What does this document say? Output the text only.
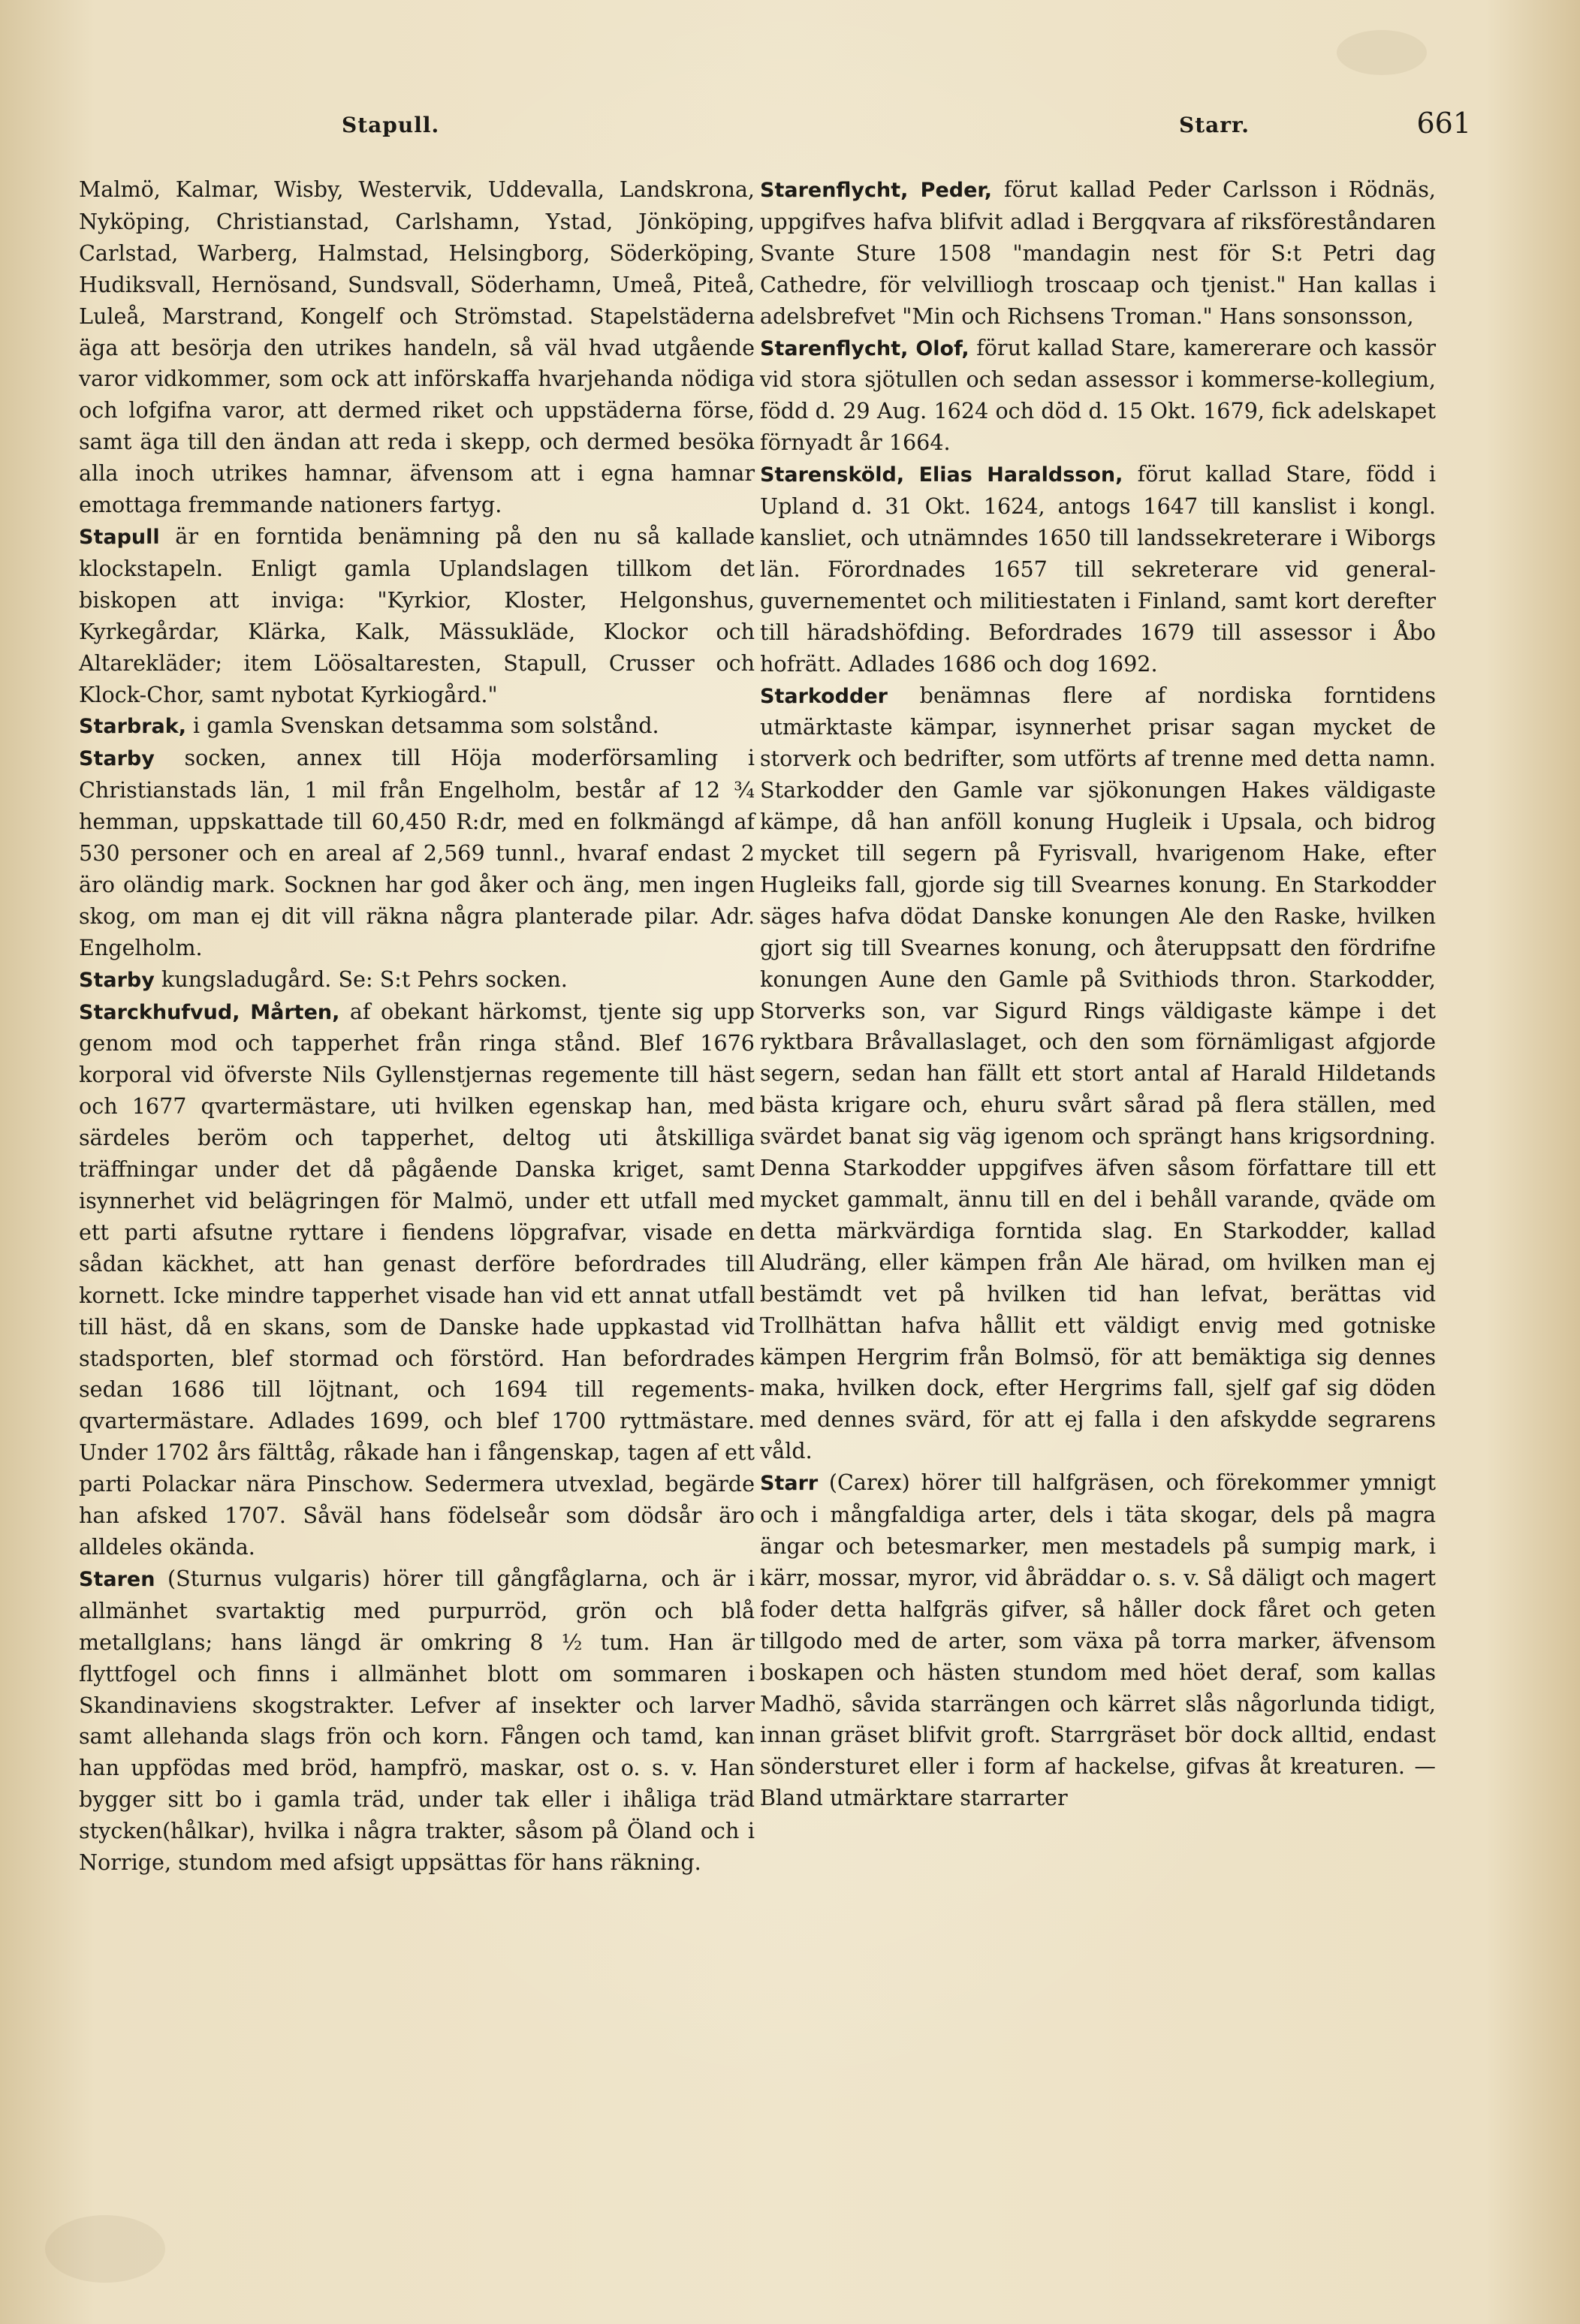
Stapull.	Starr.	661

Malmö, Kalmar, Wisby, Westervik, Uddevalla, Landskrona, Nyköping, Christianstad, Carlshamn, Ystad, Jönköping, Carlstad, Warberg, Halmstad, Helsingborg, Söderköping, Hudiksvall, Hernösand, Sundsvall, Söderhamn, Umeå, Piteå, Luleå, Marstrand, Kongelf och Strömstad. Stapelstäderna äga att besörja den utrikes handeln, så väl hvad utgående varor vidkommer, som ock att införskaffa hvarjehanda nödiga och lofgifna varor, att dermed riket och uppstäderna förse, samt äga till den ändan att reda i skepp, och dermed besöka alla inoch utrikes hamnar, äfvensom att i egna hamnar emottaga fremmande nationers fartyg.

Stapull är en forntida benämning på den nu så kallade klockstapeln. Enligt gamla Uplandslagen tillkom det biskopen att inviga: "Kyrkior, Kloster, Helgonshus, Kyrkegårdar, Klärka, Kalk, Mässukläde, Klockor och Altarekläder; item Löösaltaresten, Stapull, Crusser och Klock-Chor, samt nybotat Kyrkiogård."

Starbrak, i gamla Svenskan detsamma som solstånd.

Starby socken, annex till Höja moderförsamling i Christianstads län, 1 mil från Engelholm, består af 12 ¾ hemman, uppskattade till 60,450 R:dr, med en folkmängd af 530 personer och en areal af 2,569 tunnl., hvaraf endast 2 äro oländig mark. Socknen har god åker och äng, men ingen skog, om man ej dit vill räkna några planterade pilar. Adr. Engelholm.

Starby kungsladugård. Se: S:t Pehrs socken.

Starckhufvud, Mårten, af obekant härkomst, tjente sig upp genom mod och tapperhet från ringa stånd. Blef 1676 korporal vid öfverste Nils Gyllenstjernas regemente till häst och 1677 qvartermästare, uti hvilken egenskap han, med särdeles beröm och tapperhet, deltog uti åtskilliga träffningar under det då pågående Danska kriget, samt isynnerhet vid belägringen för Malmö, under ett utfall med ett parti afsutne ryttare i fiendens löpgrafvar, visade en sådan käckhet, att han genast derföre befordrades till kornett. Icke mindre tapperhet visade han vid ett annat utfall till häst, då en skans, som de Danske hade uppkastad vid stadsporten, blef stormad och förstörd. Han befordrades sedan 1686 till löjtnant, och 1694 till regements-qvartermästare. Adlades 1699, och blef 1700 ryttmästare. Under 1702 års fälttåg, råkade han i fångenskap, tagen af ett parti Polackar nära Pinschow. Sedermera utvexlad, begärde han afsked 1707. Såväl hans födelseår som dödsår äro alldeles okända.

Staren (Sturnus vulgaris) hörer till gångfåglarna, och är i allmänhet svartaktig med purpurröd, grön och blå metallglans; hans längd är omkring 8 ½ tum. Han är flyttfogel och finns i allmänhet blott om sommaren i Skandinaviens skogstrakter. Lefver af insekter och larver samt allehanda slags frön och korn. Fången och tamd, kan han uppfödas med bröd, hampfrö, maskar, ost o. s. v. Han bygger sitt bo i gamla träd, under tak eller i ihåliga träd stycken(hålkar), hvilka i några trakter, såsom på Öland och i Norrige, stundom med afsigt uppsättas för hans räkning.

Starenflycht, Peder, förut kallad Peder Carlsson i Rödnäs, uppgifves hafva blifvit adlad i Bergqvara af riksföreståndaren Svante Sture 1508 "mandagin nest för S:t Petri dag Cathedre, för velvilliogh troscaap och tjenist." Han kallas i adelsbrefvet "Min och Richsens Troman." Hans sonsonsson,

Starenflycht, Olof, förut kallad Stare, kamererare och kassör vid stora sjötullen och sedan assessor i kommerse-kollegium, född d. 29 Aug. 1624 och död d. 15 Okt. 1679, fick adelskapet förnyadt år 1664.

Starensköld, Elias Haraldsson, förut kallad Stare, född i Upland d. 31 Okt. 1624, antogs 1647 till kanslist i kongl. kansliet, och utnämndes 1650 till landssekreterare i Wiborgs län. Förordnades 1657 till sekreterare vid general-guvernementet och militiestaten i Finland, samt kort derefter till häradshöfding. Befordrades 1679 till assessor i Åbo hofrätt. Adlades 1686 och dog 1692.

Starkodder benämnas flere af nordiska forntidens utmärktaste kämpar, isynnerhet prisar sagan mycket de storverk och bedrifter, som utförts af trenne med detta namn. Starkodder den Gamle var sjökonungen Hakes väldigaste kämpe, då han anföll konung Hugleik i Upsala, och bidrog mycket till segern på Fyrisvall, hvarigenom Hake, efter Hugleiks fall, gjorde sig till Svearnes konung. En Starkodder säges hafva dödat Danske konungen Ale den Raske, hvilken gjort sig till Svearnes konung, och återuppsatt den fördrifne konungen Aune den Gamle på Svithiods thron. Starkodder, Storverks son, var Sigurd Rings väldigaste kämpe i det ryktbara Bråvallaslaget, och den som förnämligast afgjorde segern, sedan han fällt ett stort antal af Harald Hildetands bästa krigare och, ehuru svårt sårad på flera ställen, med svärdet banat sig väg igenom och sprängt hans krigsordning. Denna Starkodder uppgifves äfven såsom författare till ett mycket gammalt, ännu till en del i behåll varande, qväde om detta märkvärdiga forntida slag. En Starkodder, kallad Aludräng, eller kämpen från Ale härad, om hvilken man ej bestämdt vet på hvilken tid han lefvat, berättas vid Trollhättan hafva hållit ett väldigt envig med gotniske kämpen Hergrim från Bolmsö, för att bemäktiga sig dennes maka, hvilken dock, efter Hergrims fall, sjelf gaf sig döden med dennes svärd, för att ej falla i den afskydde segrarens våld.

Starr (Carex) hörer till halfgräsen, och förekommer ymnigt och i mångfaldiga arter, dels i täta skogar, dels på magra ängar och betesmarker, men mestadels på sumpig mark, i kärr, mossar, myror, vid åbräddar o. s. v. Så däligt och magert foder detta halfgräs gifver, så håller dock fåret och geten tillgodo med de arter, som växa på torra marker, äfvensom boskapen och hästen stundom med höet deraf, som kallas Madhö, såvida starrängen och kärret slås någorlunda tidigt, innan gräset blifvit groft. Starrgräset bör dock alltid, endast söndersturet eller i form af hackelse, gifvas åt kreaturen. — Bland utmärktare starrarter
